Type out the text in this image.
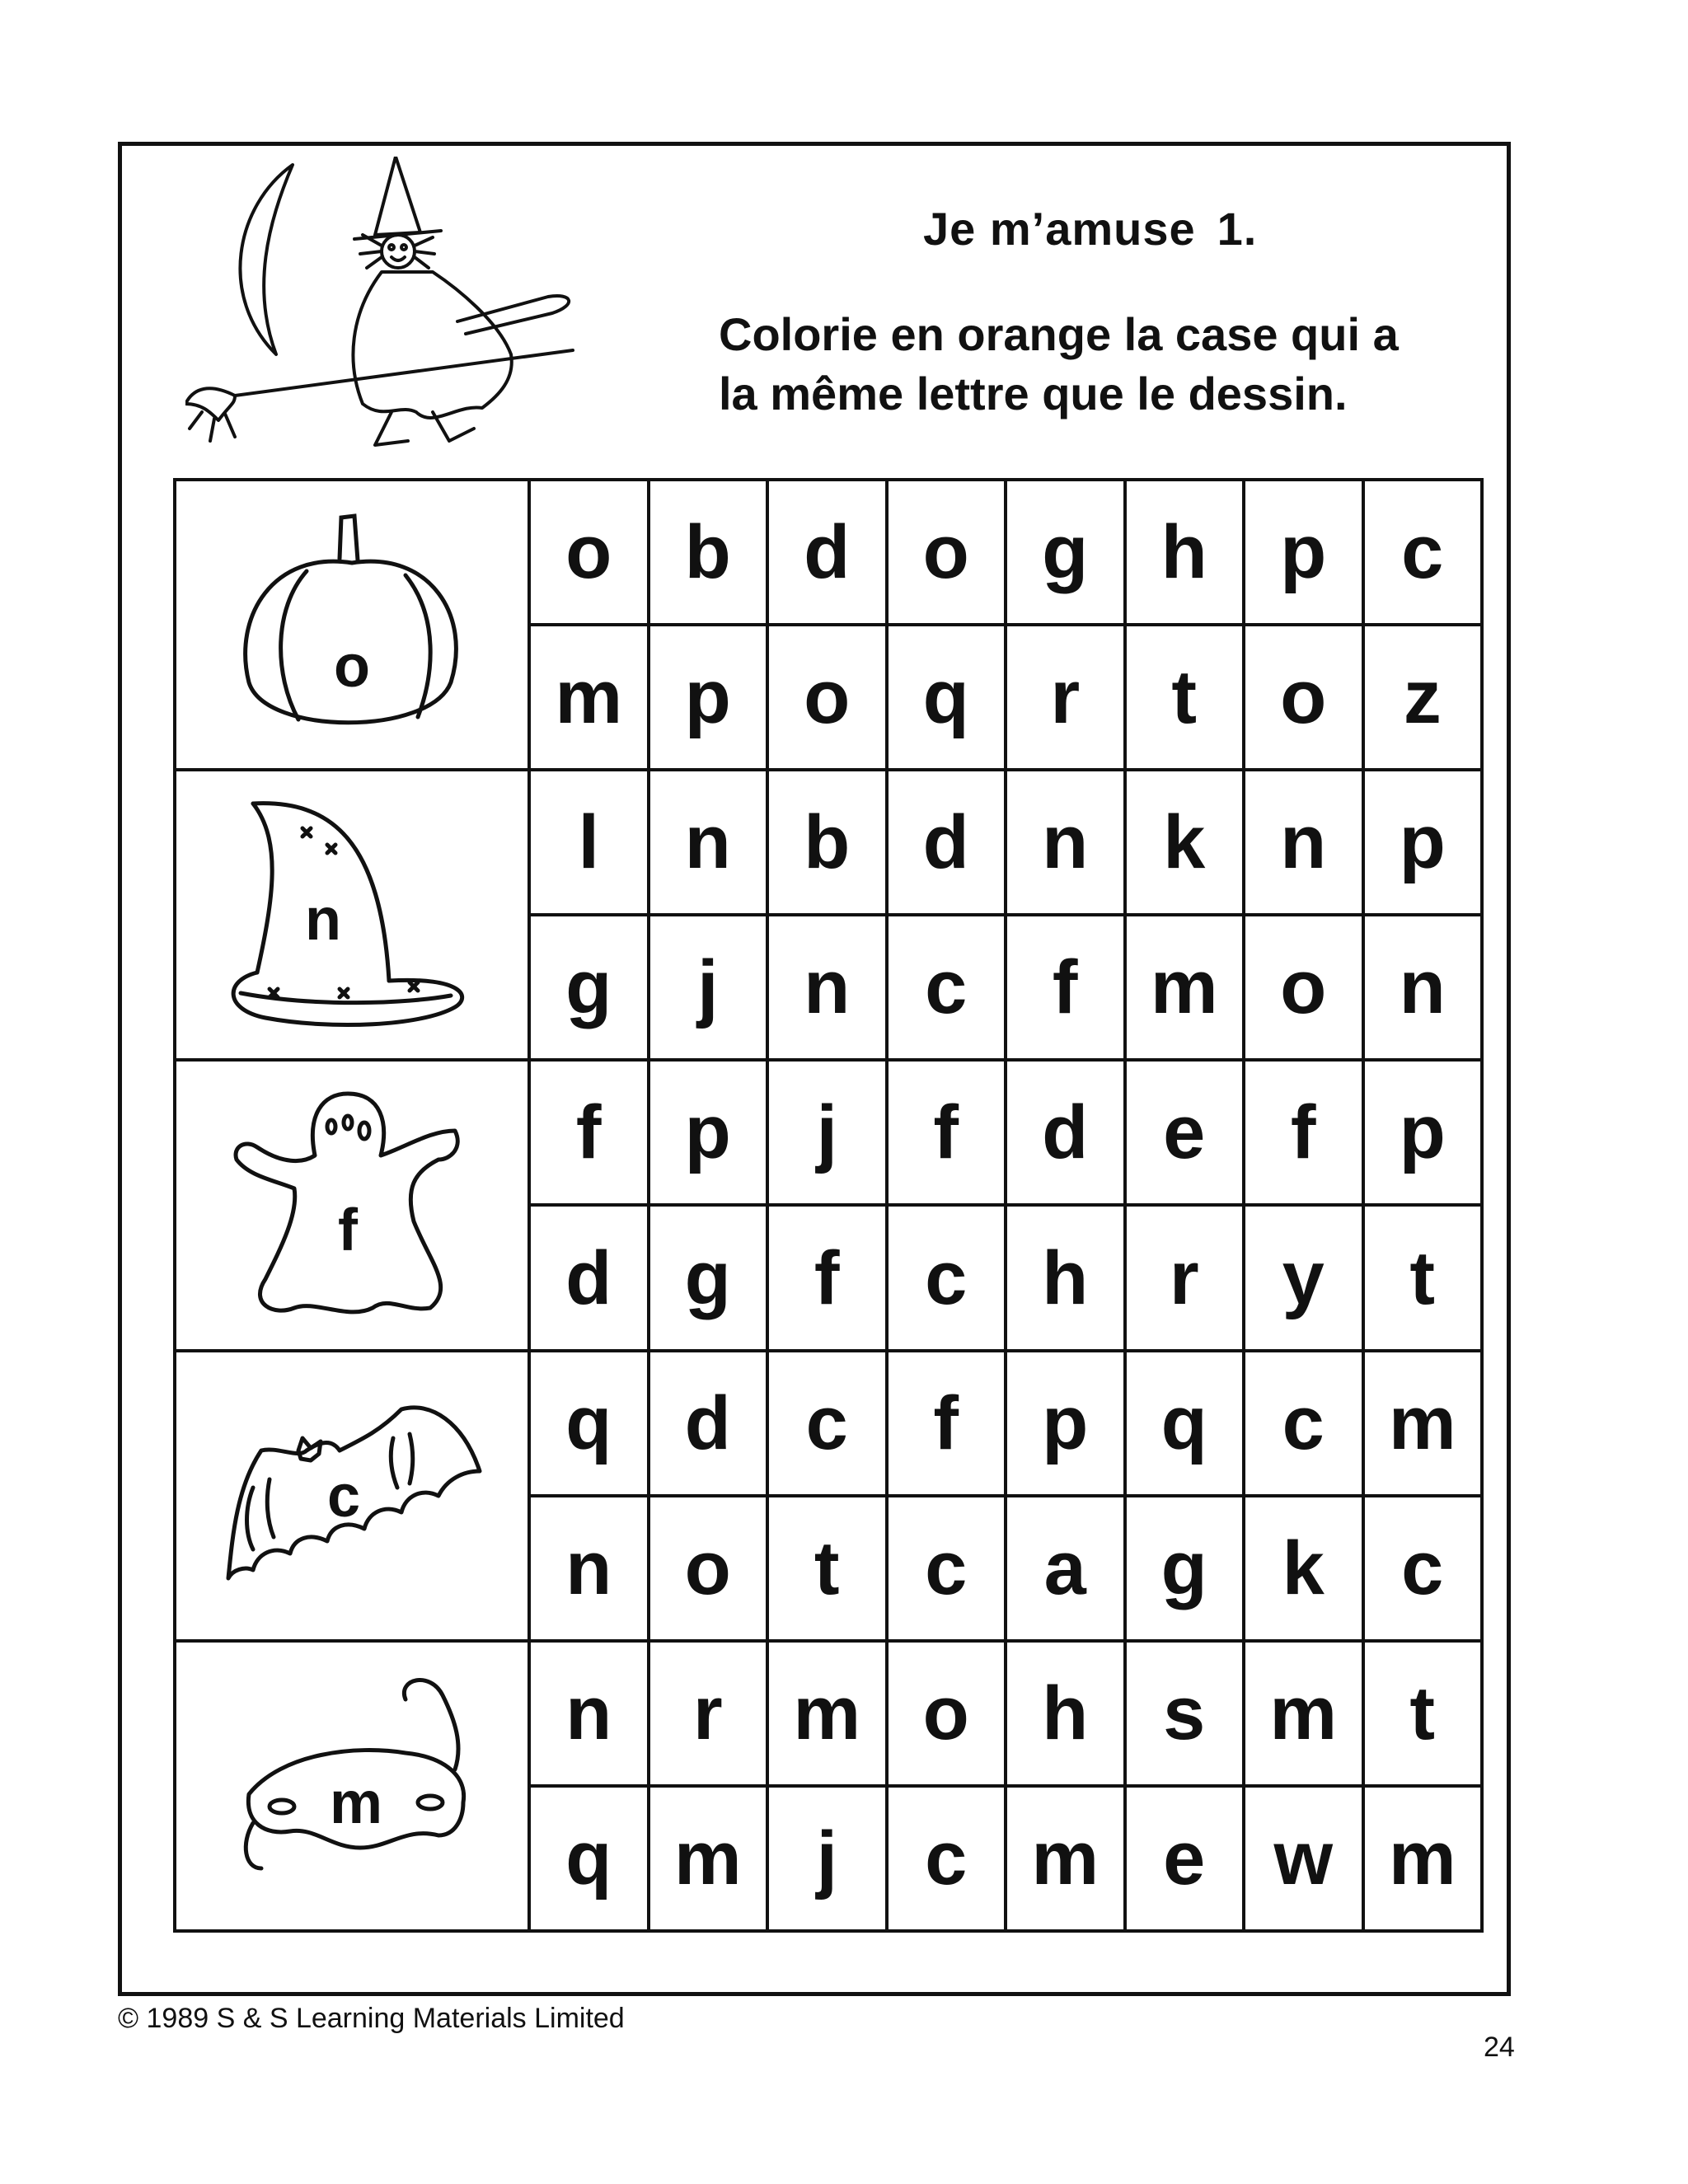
Je m’amuse 1.
Colorie en orange la case qui a
la même lettre que le dessin.
o	o	b	d	o	g	h	p	c
	m	p	o	q	r	t	o	z

n	l	n	b	d	n	k	n	p
	g	j	n	c	f	m	o	n

f	f	p	j	f	d	e	f	p
	d	g	f	c	h	r	y	t

c	q	d	c	f	p	q	c	m
	n	o	t	c	a	g	k	c

m	n	r	m	o	h	s	m	t
	q	m	j	c	m	e	w	m
© 1989 S & S Learning Materials Limited
24
